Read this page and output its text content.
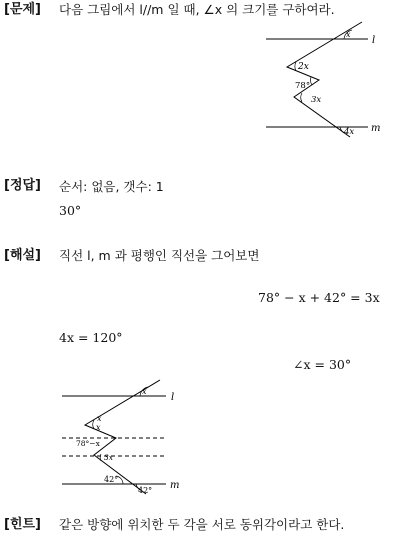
[문제] 다음 그림에서 l//m 일 때, ∠x 의 크기를 구하여라.
l
m
x
2x
78°
3x
4x
[정답] 순서: 없음, 갯수: 1
30°
[해설] 직선 l, m 과 평행인 직선을 그어보면
78° − x + 42° = 3x
4x = 120°
∠x = 30°
l
m
x
x
x
78°−x
3x
42°
42°
[힌트] 같은 방향에 위치한 두 각을 서로 동위각이라고 한다.
